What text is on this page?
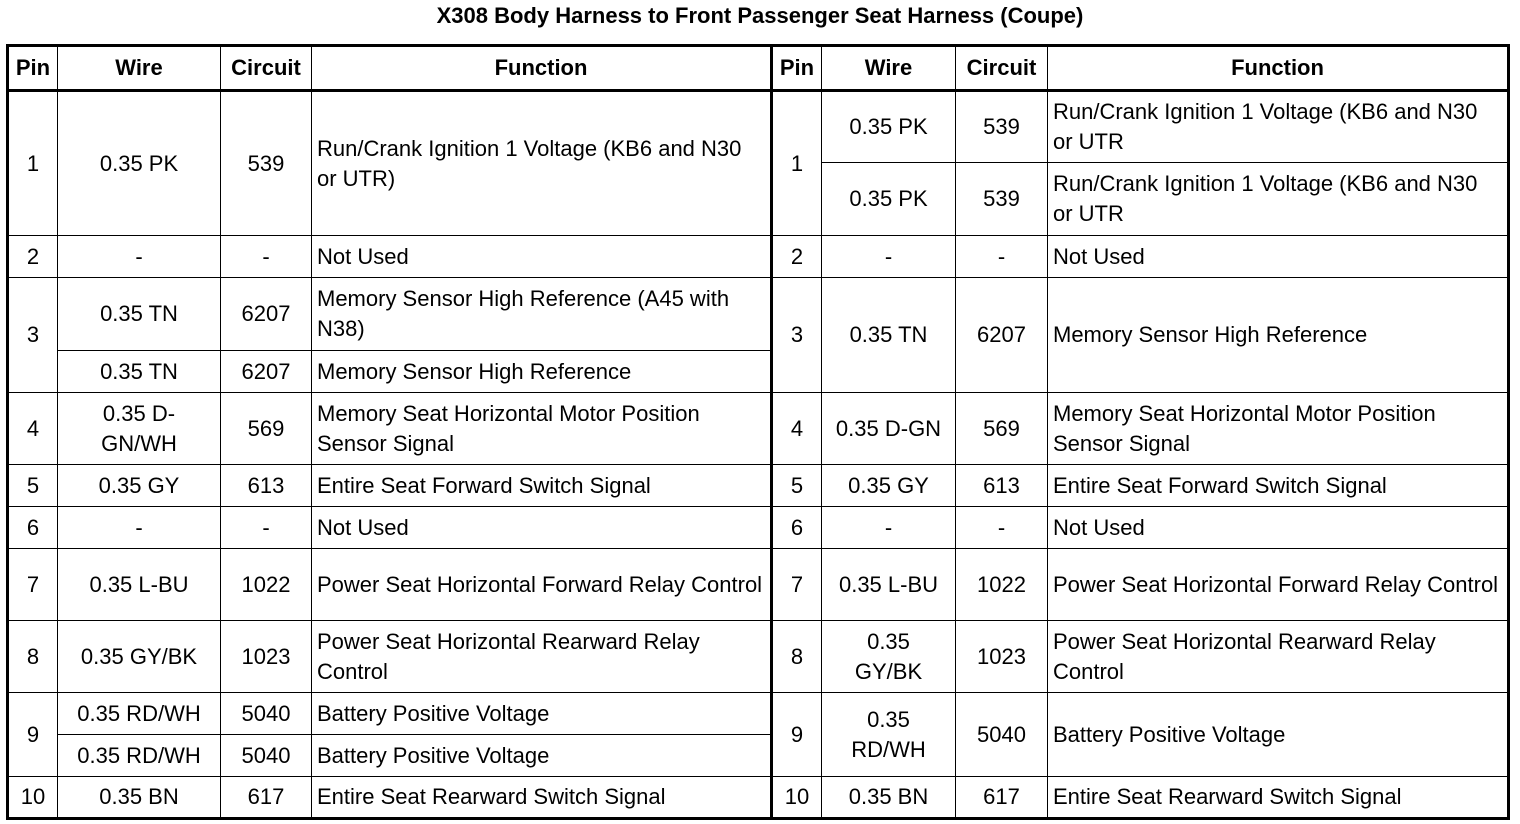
X308 Body Harness to Front Passenger Seat Harness (Coupe)
Pin	Wire	Circuit	Function	Pin	Wire	Circuit	Function
1	0.35 PK	539	Run/Crank Ignition 1 Voltage (KB6 and N30 or UTR)	1	0.35 PK	539	Run/Crank Ignition 1 Voltage (KB6 and N30 or UTR
					0.35 PK	539	Run/Crank Ignition 1 Voltage (KB6 and N30 or UTR
2	-	-	Not Used	2	-	-	Not Used
3	0.35 TN	6207	Memory Sensor High Reference (A45 with N38)	3	0.35 TN	6207	Memory Sensor High Reference
	0.35 TN	6207	Memory Sensor High Reference				
4	0.35 D-GN/WH	569	Memory Seat Horizontal Motor Position Sensor Signal	4	0.35 D-GN	569	Memory Seat Horizontal Motor Position Sensor Signal
5	0.35 GY	613	Entire Seat Forward Switch Signal	5	0.35 GY	613	Entire Seat Forward Switch Signal
6	-	-	Not Used	6	-	-	Not Used
7	0.35 L-BU	1022	Power Seat Horizontal Forward Relay Control	7	0.35 L-BU	1022	Power Seat Horizontal Forward Relay Control
8	0.35 GY/BK	1023	Power Seat Horizontal Rearward Relay Control	8	0.35 GY/BK	1023	Power Seat Horizontal Rearward Relay Control
9	0.35 RD/WH	5040	Battery Positive Voltage	9	0.35 RD/WH	5040	Battery Positive Voltage
	0.35 RD/WH	5040	Battery Positive Voltage				
10	0.35 BN	617	Entire Seat Rearward Switch Signal	10	0.35 BN	617	Entire Seat Rearward Switch Signal
